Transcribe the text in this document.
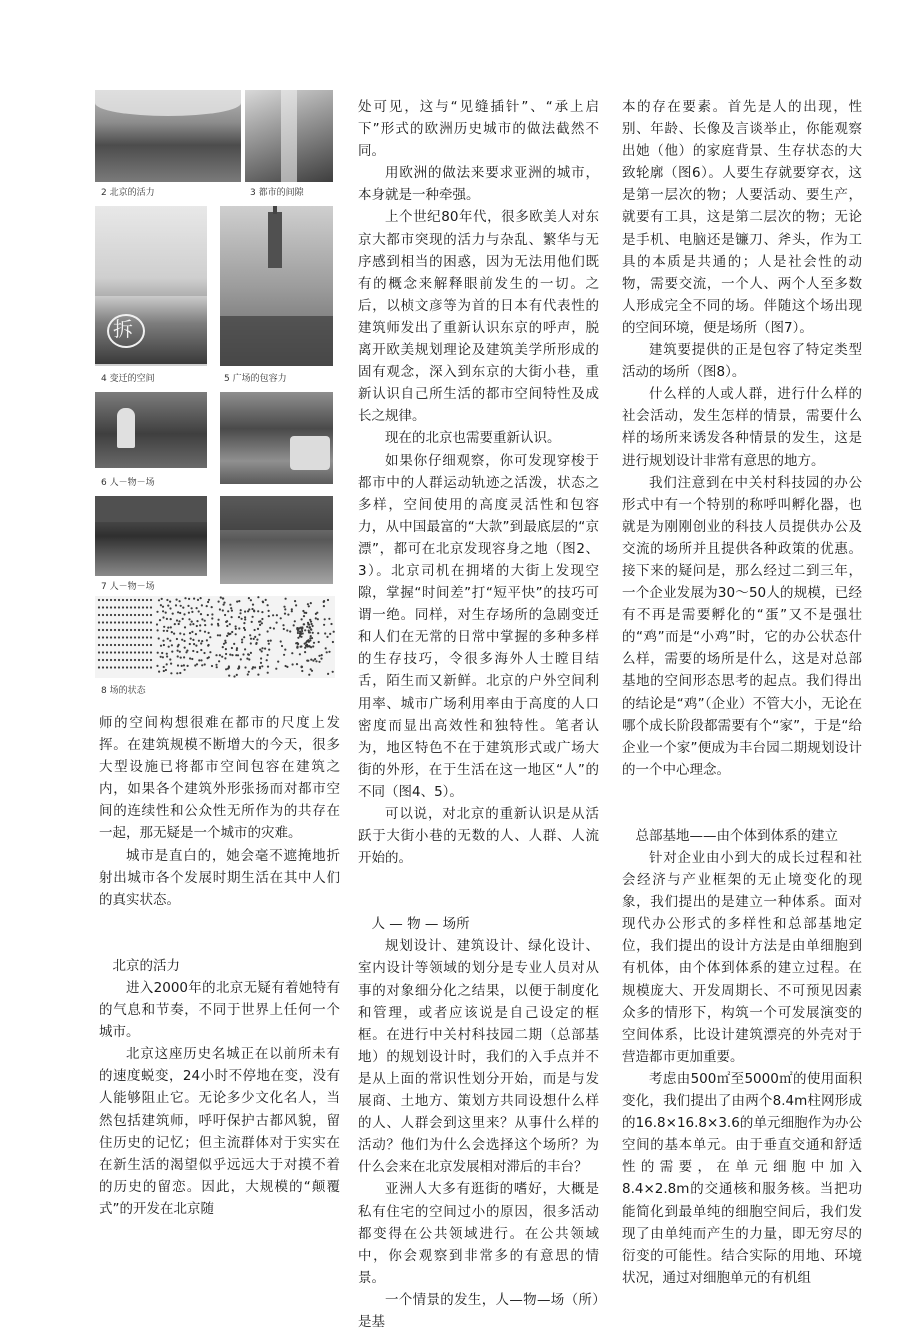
2 北京的活力	3 都市的间隙
拆
4 变迁的空间	5 广场的包容力
6 人－物－场
7 人－物－场
8 场的状态

师的空间构想很难在都市的尺度上发挥。在建筑规模不断增大的今天，很多大型设施已将都市空间包容在建筑之内，如果各个建筑外形张扬而对都市空间的连续性和公众性无所作为的共存在一起，那无疑是一个城市的灾难。

城市是直白的，她会毫不遮掩地折射出城市各个发展时期生活在其中人们的真实状态。

北京的活力

进入2000年的北京无疑有着她特有的气息和节奏，不同于世界上任何一个城市。

北京这座历史名城正在以前所未有的速度蜕变，24小时不停地在变，没有人能够阻止它。无论多少文化名人，当然包括建筑师，呼吁保护古都风貌，留住历史的记忆；但主流群体对于实实在在新生活的渴望似乎远远大于对摸不着的历史的留恋。因此，大规模的“颠覆式”的开发在北京随

处可见，这与“见缝插针”、“承上启下”形式的欧洲历史城市的做法截然不同。

用欧洲的做法来要求亚洲的城市，本身就是一种牵强。

上个世纪80年代，很多欧美人对东京大都市突现的活力与杂乱、繁华与无序感到相当的困惑，因为无法用他们既有的概念来解释眼前发生的一切。之后，以桢文彦等为首的日本有代表性的建筑师发出了重新认识东京的呼声，脱离开欧美规划理论及建筑美学所形成的固有观念，深入到东京的大街小巷，重新认识自己所生活的都市空间特性及成长之规律。

现在的北京也需要重新认识。

如果你仔细观察，你可发现穿梭于都市中的人群运动轨迹之活泼，状态之多样，空间使用的高度灵活性和包容力，从中国最富的“大款”到最底层的“京漂”，都可在北京发现容身之地（图2、3）。北京司机在拥堵的大街上发现空隙，掌握“时间差”打“短平快”的技巧可谓一绝。同样，对生存场所的急剧变迁和人们在无常的日常中掌握的多种多样的生存技巧，令很多海外人士瞠目结舌，陌生而又新鲜。北京的户外空间利用率、城市广场利用率由于高度的人口密度而显出高效性和独特性。笔者认为，地区特色不在于建筑形式或广场大街的外形，在于生活在这一地区“人”的不同（图4、5）。

可以说，对北京的重新认识是从活跃于大街小巷的无数的人、人群、人流开始的。

人 — 物 — 场所

规划设计、建筑设计、绿化设计、室内设计等领域的划分是专业人员对从事的对象细分化之结果，以便于制度化和管理，或者应该说是自己设定的框框。在进行中关村科技园二期（总部基地）的规划设计时，我们的入手点并不是从上面的常识性划分开始，而是与发展商、土地方、策划方共同设想什么样的人、人群会到这里来？从事什么样的活动？他们为什么会选择这个场所？为什么会来在北京发展相对滞后的丰台？

亚洲人大多有逛街的嗜好，大概是私有住宅的空间过小的原因，很多活动都变得在公共领域进行。在公共领域中，你会观察到非常多的有意思的情景。

一个情景的发生，人—物—场（所）是基

本的存在要素。首先是人的出现，性别、年龄、长像及言谈举止，你能观察出她（他）的家庭背景、生存状态的大致轮廓（图6）。人要生存就要穿衣，这是第一层次的物；人要活动、要生产，就要有工具，这是第二层次的物；无论是手机、电脑还是镰刀、斧头，作为工具的本质是共通的；人是社会性的动物，需要交流，一个人、两个人至多数人形成完全不同的场。伴随这个场出现的空间环境，便是场所（图7）。

建筑要提供的正是包容了特定类型活动的场所（图8）。

什么样的人或人群，进行什么样的社会活动，发生怎样的情景，需要什么样的场所来诱发各种情景的发生，这是进行规划设计非常有意思的地方。

我们注意到在中关村科技园的办公形式中有一个特别的称呼叫孵化器，也就是为刚刚创业的科技人员提供办公及交流的场所并且提供各种政策的优惠。接下来的疑问是，那么经过二到三年，一个企业发展为30～50人的规模，已经有不再是需要孵化的“蛋”又不是强壮的“鸡”而是“小鸡”时，它的办公状态什么样，需要的场所是什么，这是对总部基地的空间形态思考的起点。我们得出的结论是“鸡”（企业）不管大小，无论在哪个成长阶段都需要有个“家”，于是“给企业一个家”便成为丰台园二期规划设计的一个中心理念。

总部基地——由个体到体系的建立

针对企业由小到大的成长过程和社会经济与产业框架的无止境变化的现象，我们提出的是建立一种体系。面对现代办公形式的多样性和总部基地定位，我们提出的设计方法是由单细胞到有机体，由个体到体系的建立过程。在规模庞大、开发周期长、不可预见因素众多的情形下，构筑一个可发展演变的空间体系，比设计建筑漂亮的外壳对于营造都市更加重要。

考虑由500㎡至5000㎡的使用面积变化，我们提出了由两个8.4m柱网形成的16.8×16.8×3.6的单元细胞作为办公空间的基本单元。由于垂直交通和舒适性的需要，在单元细胞中加入8.4×2.8m的交通核和服务核。当把功能简化到最单纯的细胞空间后，我们发现了由单纯而产生的力量，即无穷尽的衍变的可能性。结合实际的用地、环境状况，通过对细胞单元的有机组
